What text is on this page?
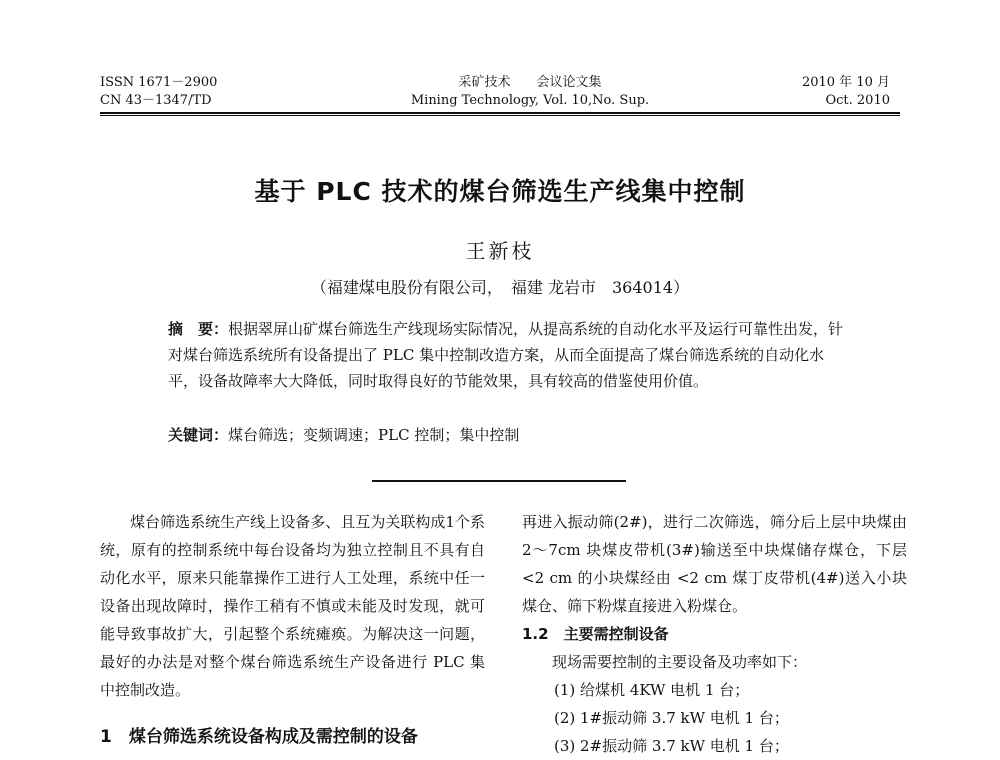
ISSN 1671－2900
CN 43－1347/TD
采矿技术　　会议论文集
Mining Technology, Vol. 10,No. Sup.
2010 年 10 月
Oct. 2010
基于 PLC 技术的煤台筛选生产线集中控制
王新枝
（福建煤电股份有限公司，　福建 龙岩市　364014）
摘　要：根据翠屏山矿煤台筛选生产线现场实际情况，从提高系统的自动化水平及运行可靠性出发，针对煤台筛选系统所有设备提出了 PLC 集中控制改造方案，从而全面提高了煤台筛选系统的自动化水平，设备故障率大大降低，同时取得良好的节能效果，具有较高的借鉴使用价值。
关键词：煤台筛选；变频调速；PLC 控制；集中控制

煤台筛选系统生产线上设备多、且互为关联构成1个系统，原有的控制系统中每台设备均为独立控制且不具有自动化水平，原来只能靠操作工进行人工处理，系统中任一设备出现故障时，操作工稍有不慎或未能及时发现，就可能导致事故扩大，引起整个系统瘫痪。为解决这一问题，最好的办法是对整个煤台筛选系统生产设备进行 PLC 集中控制改造。

1　煤台筛选系统设备构成及需控制的设备

再进入振动筛(2#)，进行二次筛选，筛分后上层中块煤由 2～7cm 块煤皮带机(3#)输送至中块煤储存煤仓，下层 <2 cm 的小块煤经由 <2 cm 煤丁皮带机(4#)送入小块煤仓、筛下粉煤直接进入粉煤仓。

1.2　主要需控制设备

现场需要控制的主要设备及功率如下：

(1) 给煤机 4KW 电机 1 台；

(2) 1#振动筛 3.7 kW 电机 1 台；

(3) 2#振动筛 3.7 kW 电机 1 台；
